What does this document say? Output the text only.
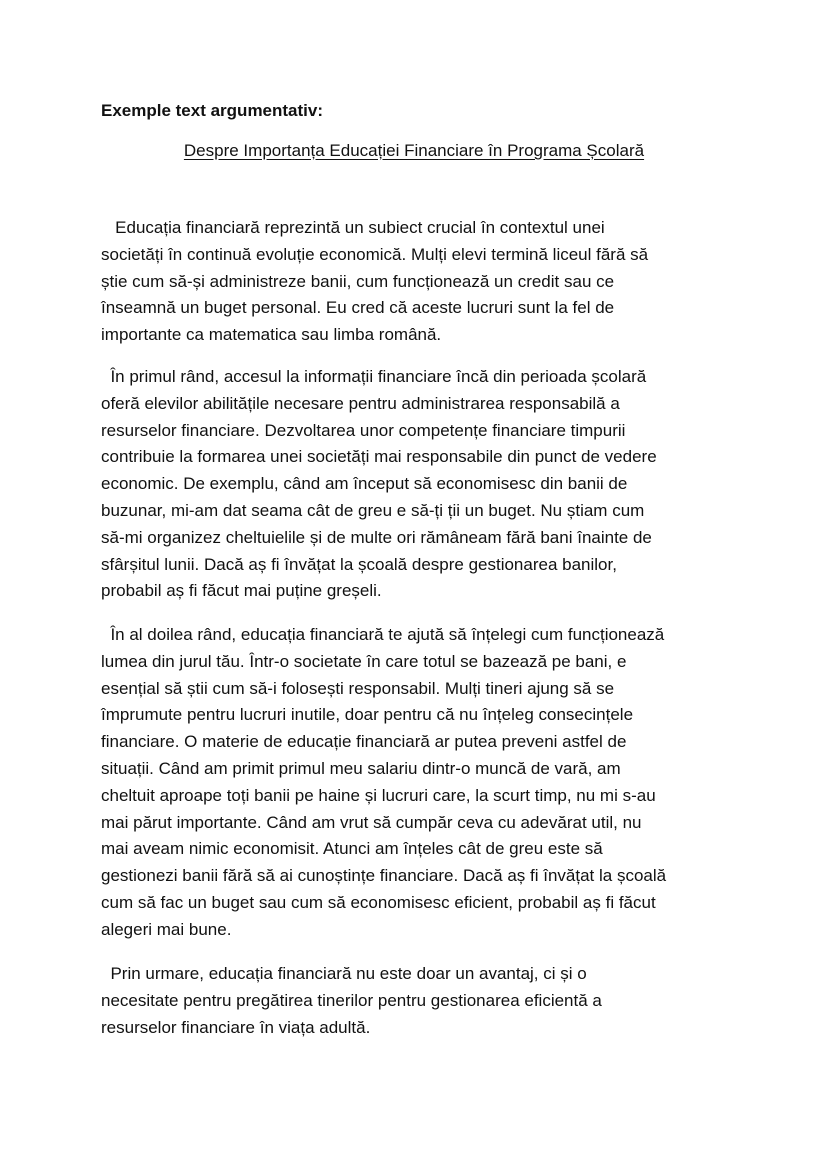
Exemple text argumentativ:
Despre Importanța Educației Financiare în Programa Școlară
Educația financiară reprezintă un subiect crucial în contextul unei
societăți în continuă evoluție economică. Mulți elevi termină liceul fără să
știe cum să-și administreze banii, cum funcționează un credit sau ce
înseamnă un buget personal. Eu cred că aceste lucruri sunt la fel de
importante ca matematica sau limba română.
În primul rând, accesul la informații financiare încă din perioada școlară
oferă elevilor abilitățile necesare pentru administrarea responsabilă a
resurselor financiare. Dezvoltarea unor competențe financiare timpurii
contribuie la formarea unei societăți mai responsabile din punct de vedere
economic. De exemplu, când am început să economisesc din banii de
buzunar, mi-am dat seama cât de greu e să-ți ții un buget. Nu știam cum
să-mi organizez cheltuielile și de multe ori rămâneam fără bani înainte de
sfârșitul lunii. Dacă aș fi învățat la școală despre gestionarea banilor,
probabil aș fi făcut mai puține greșeli.
În al doilea rând, educația financiară te ajută să înțelegi cum funcționează
lumea din jurul tău. Într-o societate în care totul se bazează pe bani, e
esențial să știi cum să-i folosești responsabil. Mulți tineri ajung să se
împrumute pentru lucruri inutile, doar pentru că nu înțeleg consecințele
financiare. O materie de educație financiară ar putea preveni astfel de
situații. Când am primit primul meu salariu dintr-o muncă de vară, am
cheltuit aproape toți banii pe haine și lucruri care, la scurt timp, nu mi s-au
mai părut importante. Când am vrut să cumpăr ceva cu adevărat util, nu
mai aveam nimic economisit. Atunci am înțeles cât de greu este să
gestionezi banii fără să ai cunoștințe financiare. Dacă aș fi învățat la școală
cum să fac un buget sau cum să economisesc eficient, probabil aș fi făcut
alegeri mai bune.
Prin urmare, educația financiară nu este doar un avantaj, ci și o
necesitate pentru pregătirea tinerilor pentru gestionarea eficientă a
resurselor financiare în viața adultă.
